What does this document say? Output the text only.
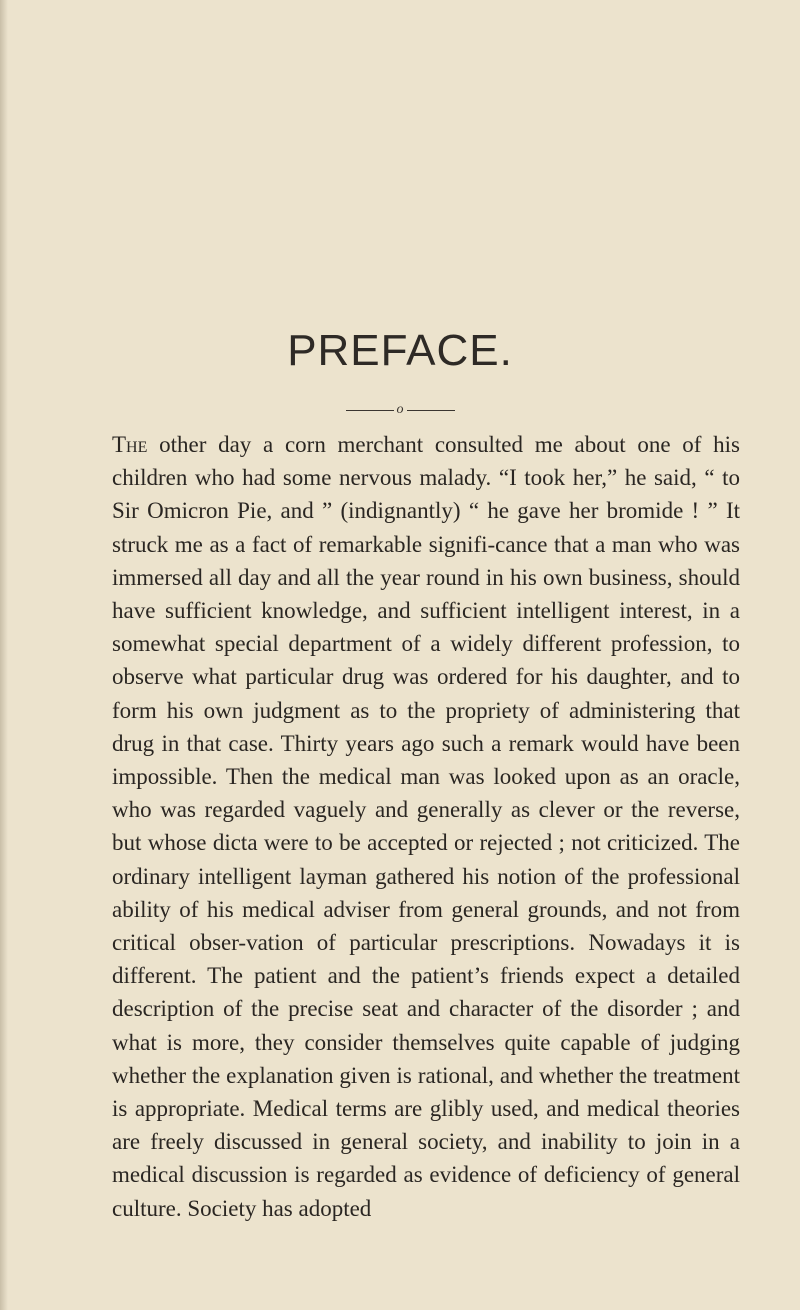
PREFACE.
o

The other day a corn merchant consulted me about one of his children who had some nervous malady. “I took her,” he said, “ to Sir Omicron Pie, and ” (indignantly) “ he gave her bromide ! ” It struck me as a fact of remarkable signifi-cance that a man who was immersed all day and all the year round in his own business, should have sufficient knowledge, and sufficient intelligent interest, in a somewhat special department of a widely different profession, to observe what particular drug was ordered for his daughter, and to form his own judgment as to the propriety of administering that drug in that case. Thirty years ago such a remark would have been impossible. Then the medical man was looked upon as an oracle, who was regarded vaguely and generally as clever or the reverse, but whose dicta were to be accepted or rejected ; not criticized. The ordinary intelligent layman gathered his notion of the professional ability of his medical adviser from general grounds, and not from critical obser-vation of particular prescriptions. Nowadays it is different. The patient and the patient’s friends expect a detailed description of the precise seat and character of the disorder ; and what is more, they consider themselves quite capable of judging whether the explanation given is rational, and whether the treatment is appropriate. Medical terms are glibly used, and medical theories are freely discussed in general society, and inability to join in a medical discussion is regarded as evidence of deficiency of general culture. Society has adopted
